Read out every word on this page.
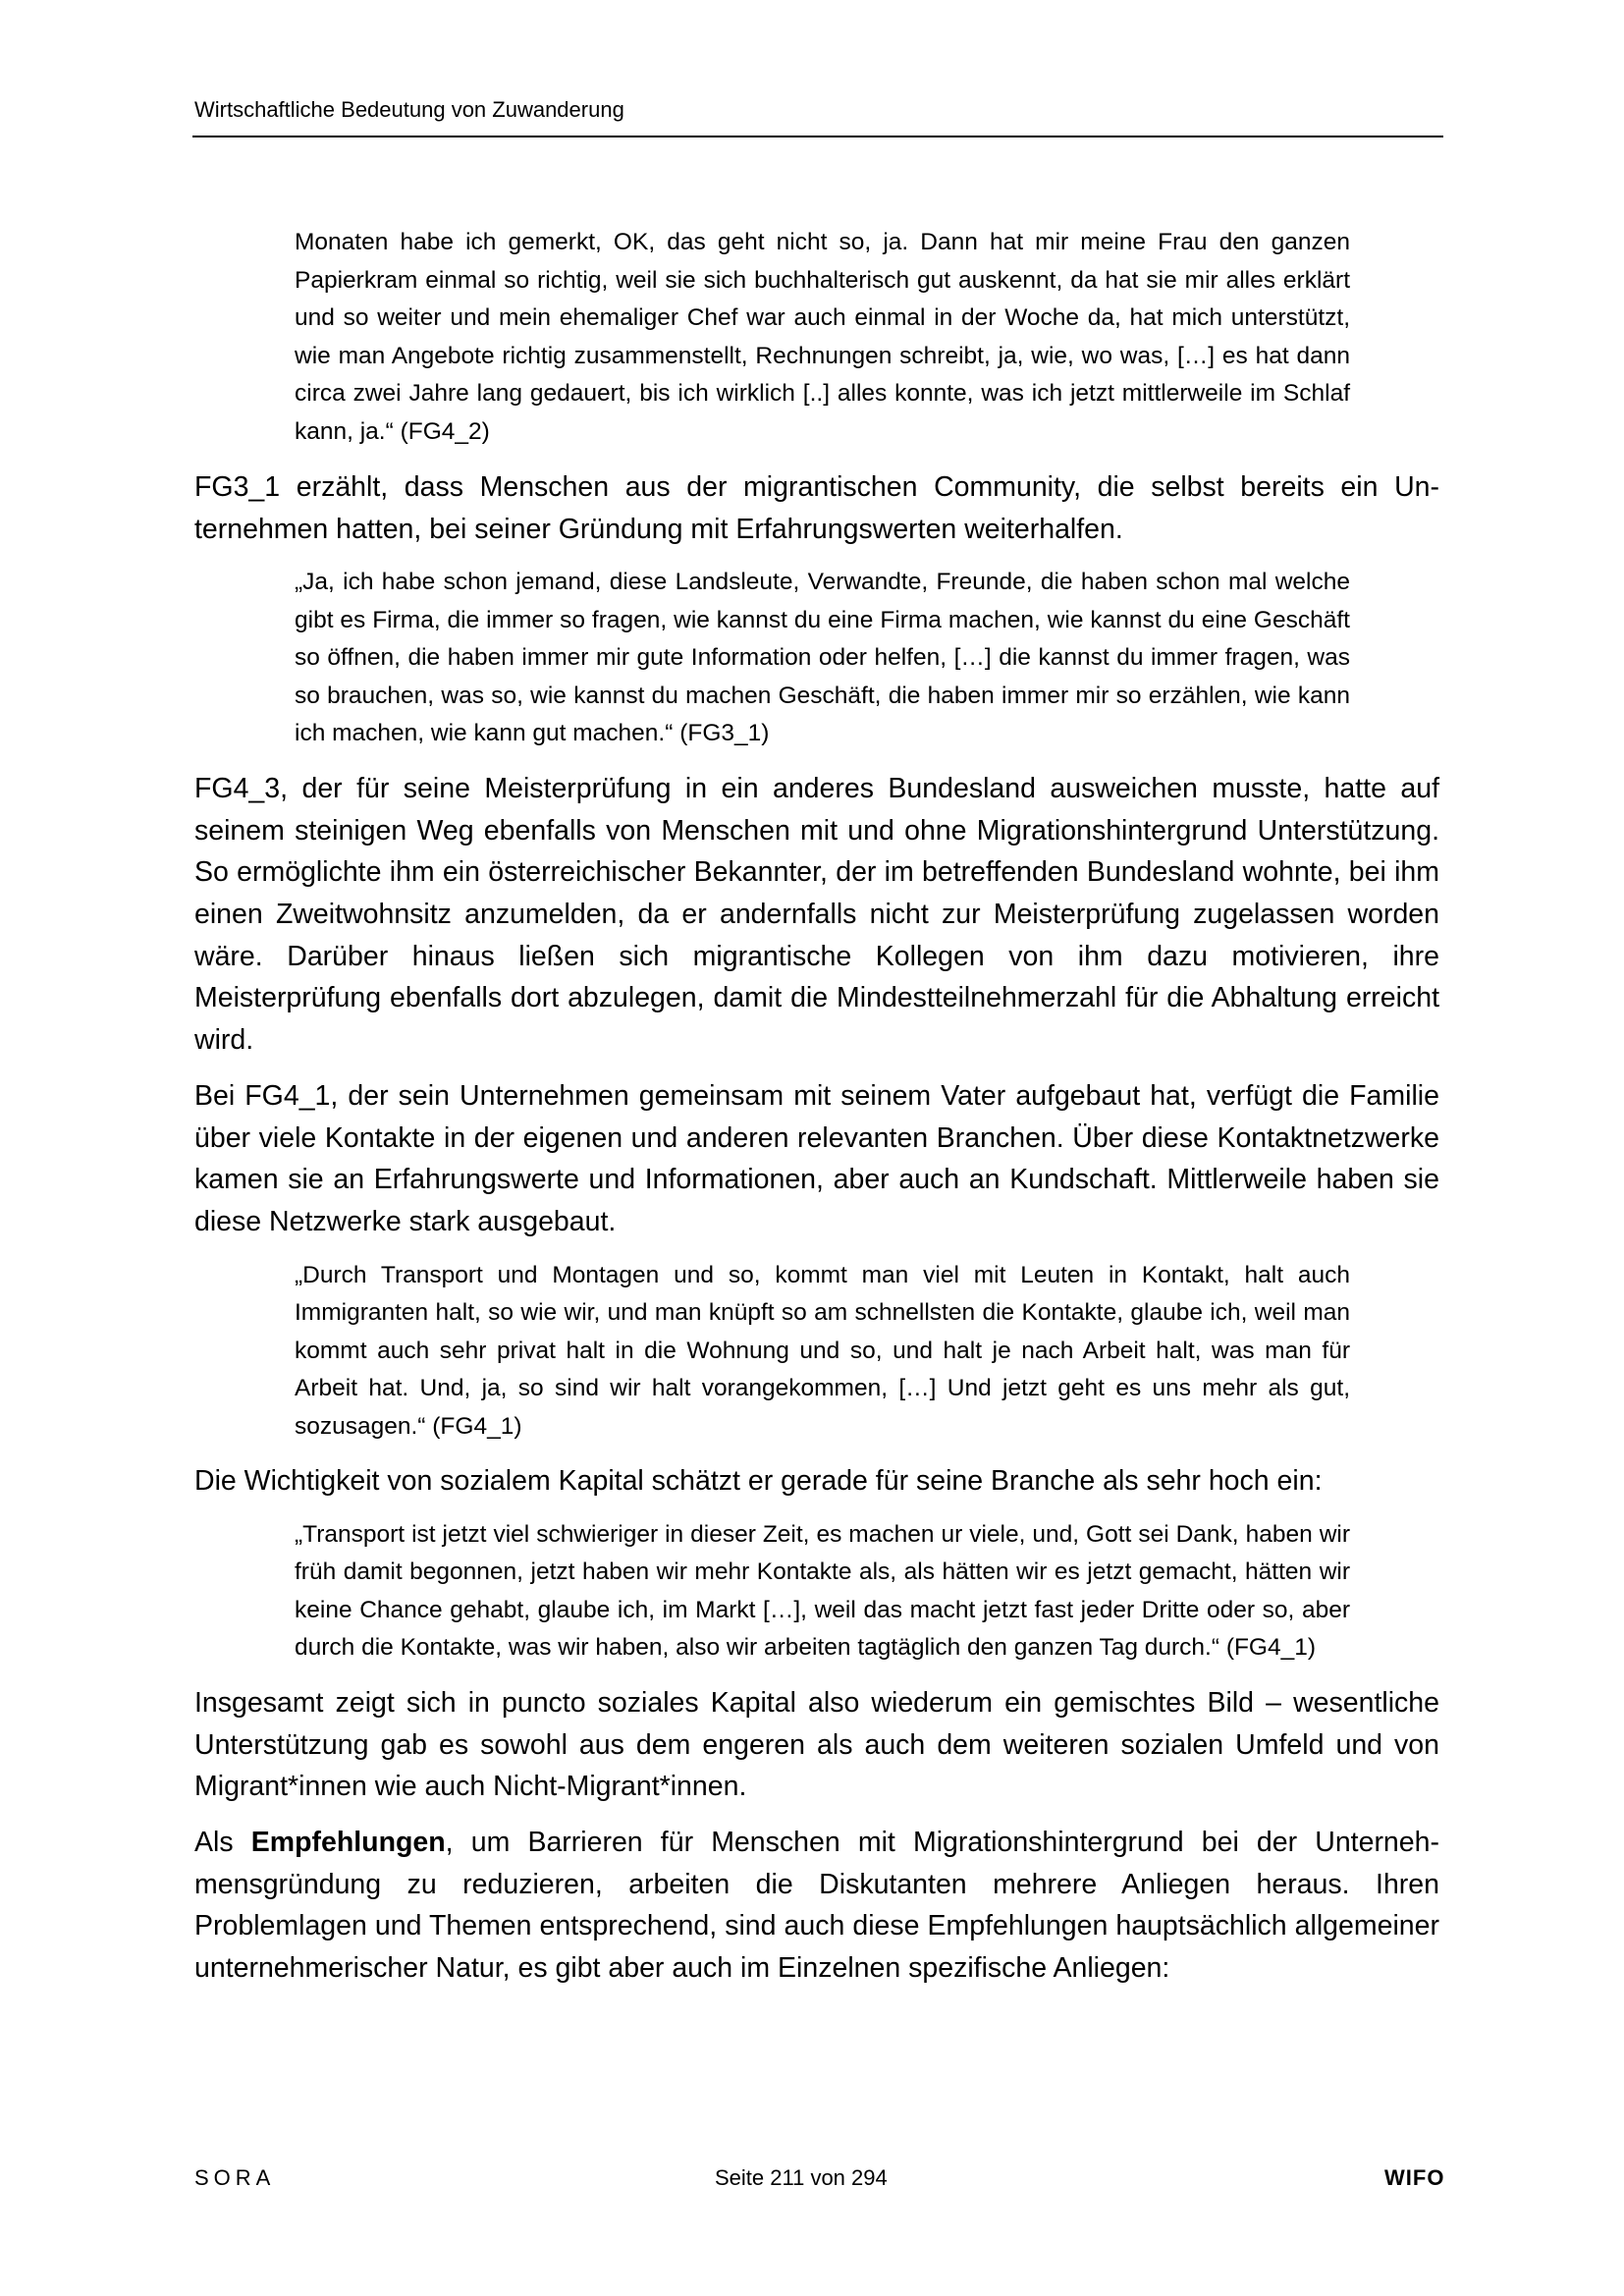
Wirtschaftliche Bedeutung von Zuwanderung

Monaten habe ich gemerkt, OK, das geht nicht so, ja. Dann hat mir meine Frau den ganzen Papierkram einmal so richtig, weil sie sich buchhalterisch gut auskennt, da hat sie mir alles erklärt und so weiter und mein ehemaliger Chef war auch einmal in der Woche da, hat mich unterstützt, wie man Angebote richtig zusammenstellt, Rechnungen schreibt, ja, wie, wo was, […] es hat dann circa zwei Jahre lang gedauert, bis ich wirklich [..] alles konnte, was ich jetzt mittlerweile im Schlaf kann, ja.“ (FG4_2)

FG3_1 erzählt, dass Menschen aus der migrantischen Community, die selbst bereits ein Unternehmen hatten, bei seiner Gründung mit Erfahrungswerten weiterhalfen.

„Ja, ich habe schon jemand, diese Landsleute, Verwandte, Freunde, die haben schon mal welche gibt es Firma, die immer so fragen, wie kannst du eine Firma machen, wie kannst du eine Geschäft so öffnen, die haben immer mir gute Information oder helfen, […] die kannst du immer fragen, was so brauchen, was so, wie kannst du machen Geschäft, die haben immer mir so erzählen, wie kann ich machen, wie kann gut machen.“ (FG3_1)

FG4_3, der für seine Meisterprüfung in ein anderes Bundesland ausweichen musste, hatte auf seinem steinigen Weg ebenfalls von Menschen mit und ohne Migrationshintergrund Unterstützung. So ermöglichte ihm ein österreichischer Bekannter, der im betreffenden Bundesland wohnte, bei ihm einen Zweitwohnsitz anzumelden, da er andernfalls nicht zur Meisterprüfung zugelassen worden wäre. Darüber hinaus ließen sich migrantische Kollegen von ihm dazu motivieren, ihre Meisterprüfung ebenfalls dort abzulegen, damit die Mindestteilnehmerzahl für die Abhaltung erreicht wird.

Bei FG4_1, der sein Unternehmen gemeinsam mit seinem Vater aufgebaut hat, verfügt die Familie über viele Kontakte in der eigenen und anderen relevanten Branchen. Über diese Kontaktnetzwerke kamen sie an Erfahrungswerte und Informationen, aber auch an Kundschaft. Mittlerweile haben sie diese Netzwerke stark ausgebaut.

„Durch Transport und Montagen und so, kommt man viel mit Leuten in Kontakt, halt auch Immigranten halt, so wie wir, und man knüpft so am schnellsten die Kontakte, glaube ich, weil man kommt auch sehr privat halt in die Wohnung und so, und halt je nach Arbeit halt, was man für Arbeit hat. Und, ja, so sind wir halt vorangekommen, […] Und jetzt geht es uns mehr als gut, sozusagen.“ (FG4_1)

Die Wichtigkeit von sozialem Kapital schätzt er gerade für seine Branche als sehr hoch ein:

„Transport ist jetzt viel schwieriger in dieser Zeit, es machen ur viele, und, Gott sei Dank, haben wir früh damit begonnen, jetzt haben wir mehr Kontakte als, als hätten wir es jetzt gemacht, hätten wir keine Chance gehabt, glaube ich, im Markt […], weil das macht jetzt fast jeder Dritte oder so, aber durch die Kontakte, was wir haben, also wir arbeiten tagtäglich den ganzen Tag durch.“ (FG4_1)

Insgesamt zeigt sich in puncto soziales Kapital also wiederum ein gemischtes Bild – wesentliche Unterstützung gab es sowohl aus dem engeren als auch dem weiteren sozialen Umfeld und von Migrant*innen wie auch Nicht-Migrant*innen.

Als Empfehlungen, um Barrieren für Menschen mit Migrationshintergrund bei der Unternehmensgründung zu reduzieren, arbeiten die Diskutanten mehrere Anliegen heraus. Ihren Problemlagen und Themen entsprechend, sind auch diese Empfehlungen hauptsächlich allgemeiner unternehmerischer Natur, es gibt aber auch im Einzelnen spezifische Anliegen:

SORA	Seite 211 von 294	WIFO
